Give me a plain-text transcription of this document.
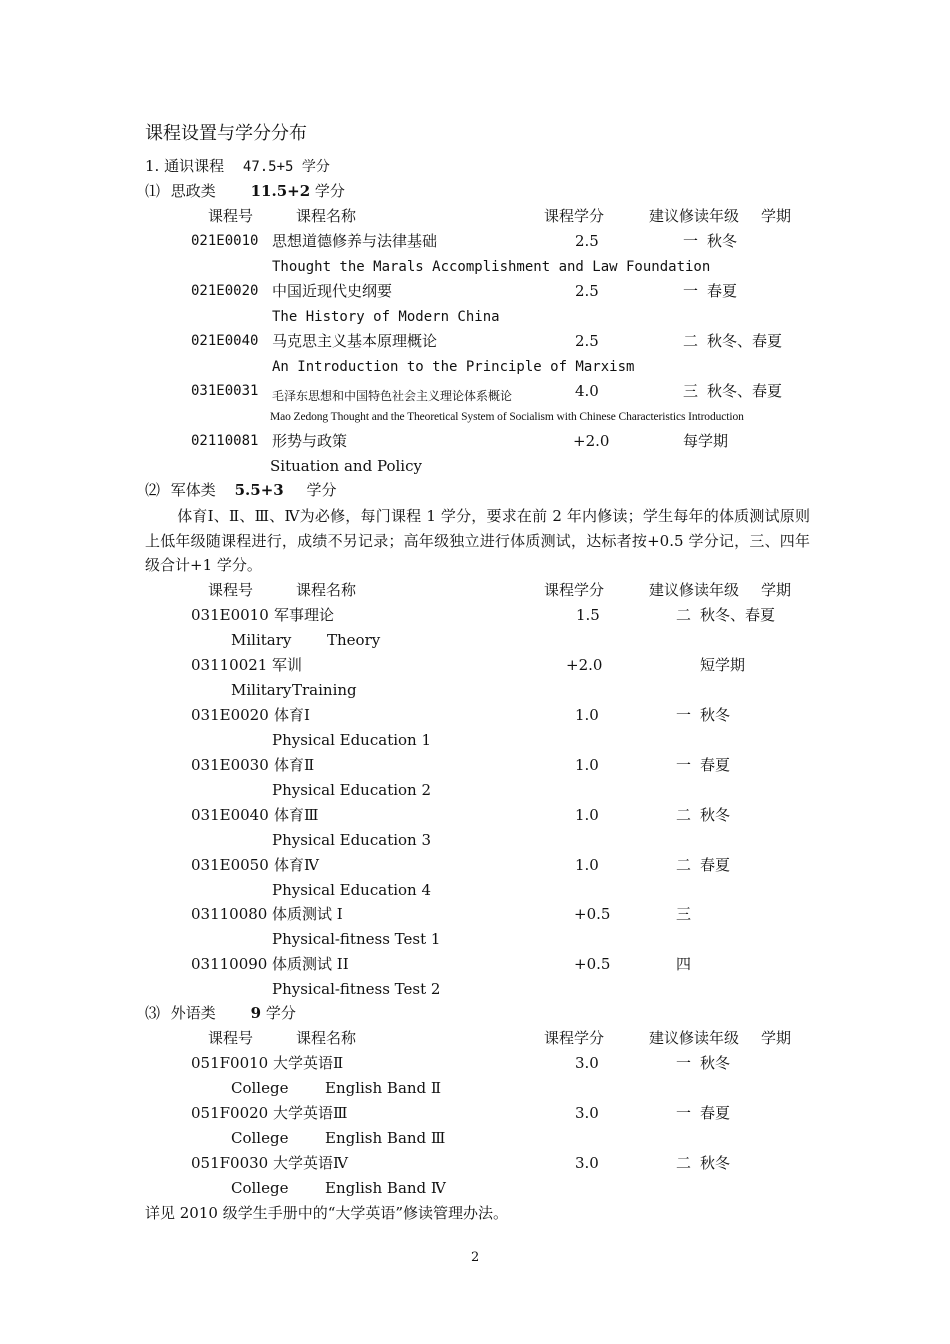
课程设置与学分分布
1. 通识课程 47.5+5 学分
⑴ 思政类 11.5+2 学分
课程号	课程名称	课程学分	建议修读年级 学期
021E0010 思想道德修养与法律基础	2.5	一 秋冬
Thought the Marals Accomplishment and Law Foundation
021E0020 中国近现代史纲要	2.5	一 春夏
The History of Modern China
021E0040 马克思主义基本原理概论	2.5	二 秋冬、春夏
An Introduction to the Principle of Marxism
031E0031 毛泽东思想和中国特色社会主义理论体系概论	4.0	三 秋冬、春夏
Mao Zedong Thought and the Theoretical System of Socialism with Chinese Characteristics Introduction
02110081 形势与政策	+2.0	每学期
Situation and Policy
⑵ 军体类 5.5+3 学分
体育Ⅰ、Ⅱ、Ⅲ、Ⅳ为必修，每门课程 1 学分，要求在前 2 年内修读；学生每年的体质测试原则上低年级随课程进行，成绩不另记录；高年级独立进行体质测试，达标者按+0.5 学分记，三、四年级合计+1 学分。
课程号	课程名称	课程学分	建议修读年级 学期
031E0010 军事理论	1.5	二 秋冬、春夏
Military Theory
03110021 军训	+2.0	短学期
Military Training
031E0020 体育Ⅰ	1.0	一 秋冬
Physical Education 1
031E0030 体育Ⅱ	1.0	一 春夏
Physical Education 2
031E0040 体育Ⅲ	1.0	二 秋冬
Physical Education 3
031E0050 体育Ⅳ	1.0	二 春夏
Physical Education 4
03110080 体质测试 I	+0.5	三
Physical-fitness Test 1
03110090 体质测试 II	+0.5	四
Physical-fitness Test 2
⑶ 外语类 9 学分
课程号	课程名称	课程学分	建议修读年级 学期
051F0010 大学英语Ⅱ	3.0	一 秋冬
College English Band Ⅱ
051F0020 大学英语Ⅲ	3.0	一 春夏
College English Band Ⅲ
051F0030 大学英语Ⅳ	3.0	二 秋冬
College English Band Ⅳ
详见 2010 级学生手册中的“大学英语”修读管理办法。
2
